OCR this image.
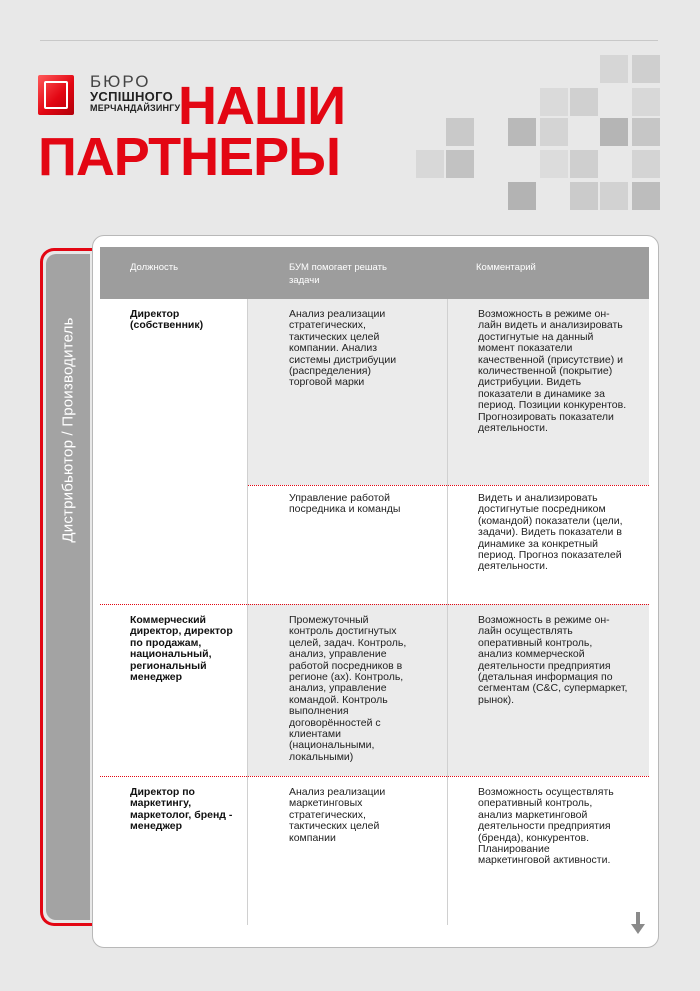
БЮРО
УСПІШНОГО
МЕРЧАНДАЙЗИНГУ
НАШИ
ПАРТНЕРЫ
Дистрибьютор / Производитель
Должность	БУМ помогает решать задачи
Комментарий
Директор (собственник)
Анализ реализации стратегических, тактических целей компании. Анализ системы дистрибуции (распределения) торговой марки
Возможность в режиме он-лайн видеть и анализировать достигнутые на данный момент показатели качественной (присутствие) и количественной (покрытие) дистрибуции. Видеть показатели в динамике за период. Позиции конкурентов. Прогнозировать показатели деятельности.
Управление работой посредника и команды
Видеть и анализировать достигнутые посредником (командой) показатели (цели, задачи). Видеть показатели в динамике за конкретный период. Прогноз показателей деятельности.
Коммерческий директор, директор по продажам, национальный, региональный менеджер
Промежуточный контроль достигнутых целей, задач. Контроль, анализ, управление работой посредников в регионе (ах). Контроль, анализ, управление командой. Контроль выполнения договорённостей с клиентами (национальными, локальными)
Возможность в режиме он-лайн осуществлять оперативный контроль, анализ коммерческой деятельности предприятия (детальная информация по сегментам (С&С, супермаркет, рынок).
Директор по маркетингу, маркетолог, бренд - менеджер
Анализ реализации маркетинговых стратегических, тактических целей компании
Возможность осуществлять оперативный контроль, анализ маркетинговой деятельности предприятия (бренда), конкурентов. Планирование маркетинговой активности.
